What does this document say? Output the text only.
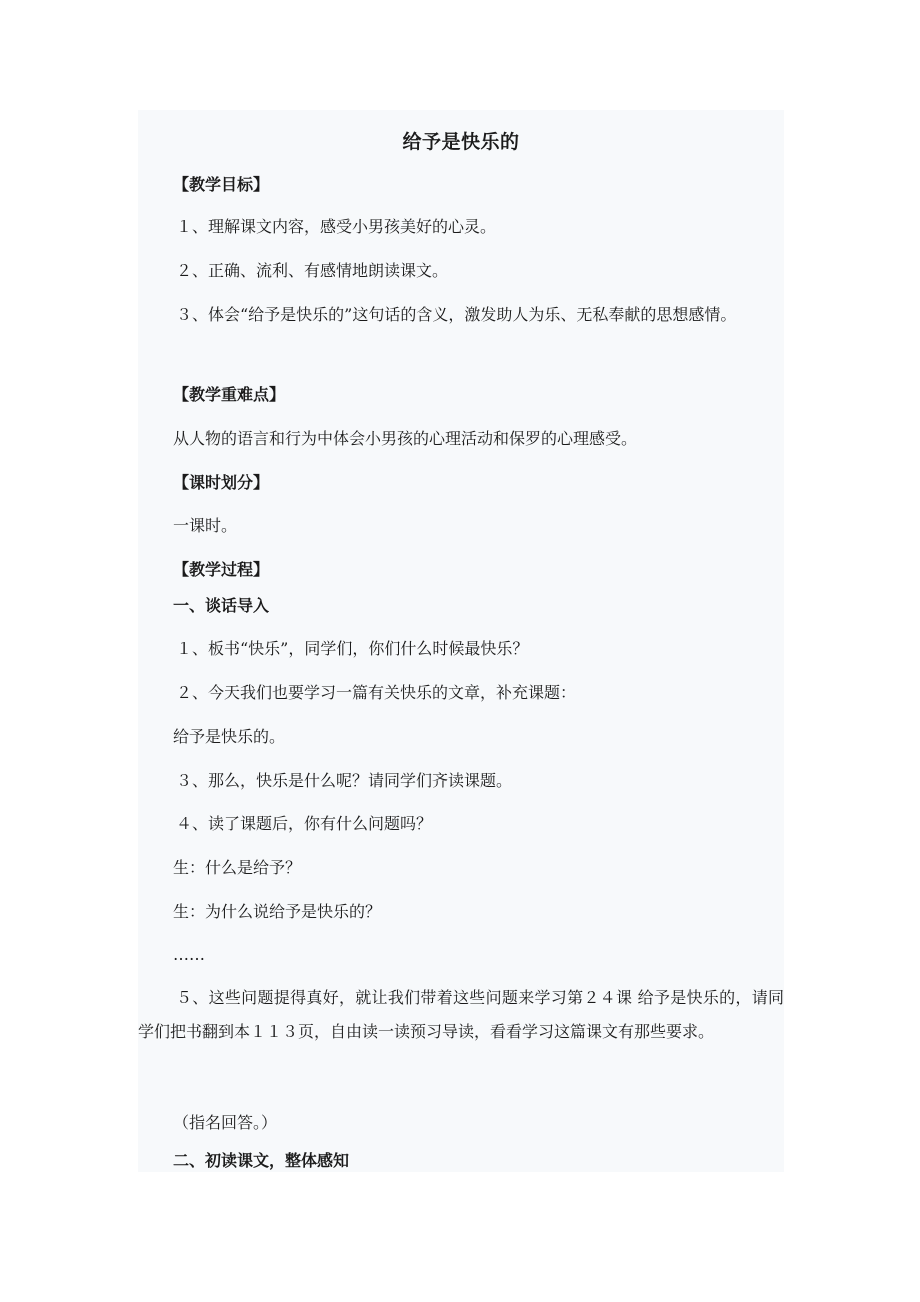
给予是快乐的
【教学目标】
１、理解课文内容，感受小男孩美好的心灵。
２、正确、流利、有感情地朗读课文。
３、体会“给予是快乐的”这句话的含义，激发助人为乐、无私奉献的思想感情。
【教学重难点】
从人物的语言和行为中体会小男孩的心理活动和保罗的心理感受。
【课时划分】
一课时。
【教学过程】
一、谈话导入
１、板书“快乐”，同学们，你们什么时候最快乐？
２、今天我们也要学习一篇有关快乐的文章，补充课题：
给予是快乐的。
３、那么，快乐是什么呢？请同学们齐读课题。
４、读了课题后，你有什么问题吗？
生：什么是给予？
生：为什么说给予是快乐的？
……
５、这些问题提得真好，就让我们带着这些问题来学习第２４课 给予是快乐的，请同学们把书翻到本１１３页，自由读一读预习导读，看看学习这篇课文有那些要求。
（指名回答。）
二、初读课文，整体感知
